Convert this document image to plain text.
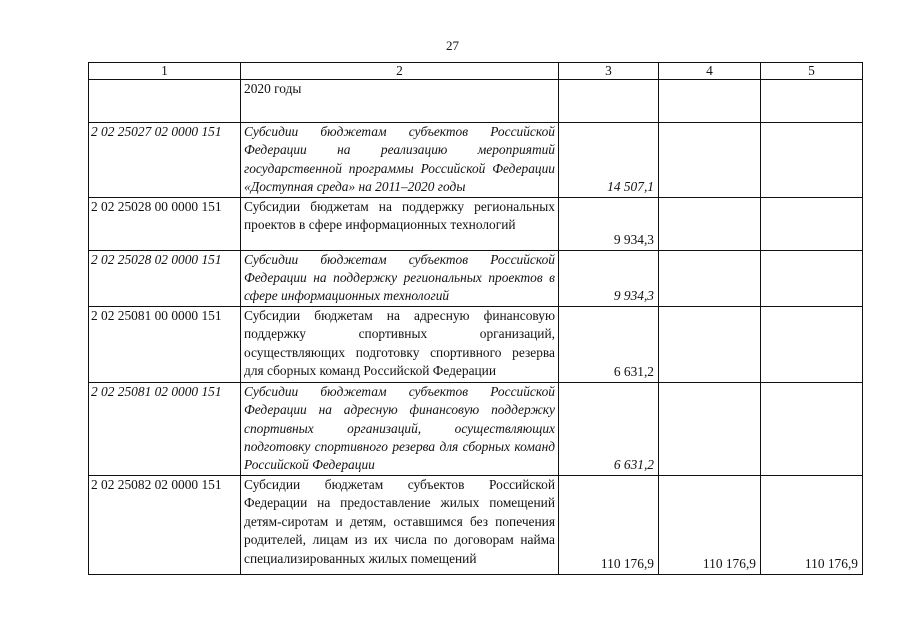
27
1	2	3	4	5
	2020 годы			
2 02 25027 02 0000 151	Субсидии бюджетам субъектов Российской Федерации на реализацию мероприятий государственной программы Российской Федерации «Доступная среда» на 2011–2020 годы	14 507,1		
2 02 25028 00 0000 151	Субсидии бюджетам на поддержку региональных проектов в сфере информационных технологий	9 934,3		
2 02 25028 02 0000 151	Субсидии бюджетам субъектов Российской Федерации на поддержку региональных проектов в сфере информационных технологий	9 934,3		
2 02 25081 00 0000 151	Субсидии бюджетам на адресную финансовую поддержку спортивных организаций, осуществляющих подготовку спортивного резерва для сборных команд Российской Федерации	6 631,2		
2 02 25081 02 0000 151	Субсидии бюджетам субъектов Российской Федерации на адресную финансовую поддержку спортивных организаций, осуществляющих подготовку спортивного резерва для сборных команд Российской Федерации	6 631,2		
2 02 25082 02 0000 151	Субсидии бюджетам субъектов Российской Федерации на предоставление жилых помещений детям-сиротам и детям, оставшимся без попечения родителей, лицам из их числа по договорам найма специализированных жилых помещений	110 176,9	110 176,9	110 176,9
